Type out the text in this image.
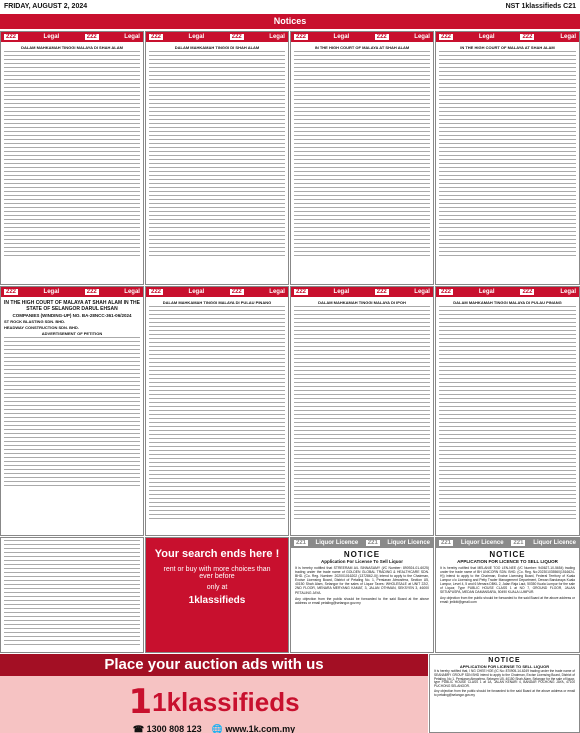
FRIDAY, AUGUST 2, 2024	NST 1klassifieds C21
Notices
222	Legal	222	Legal
DALAM MAHKAMAH TINGGI MALAYA DI SHAH ALAM
222	Legal	222	Legal
DALAM MAHKAMAH TINGGI DI SHAH ALAM
222	Legal	222	Legal
IN THE HIGH COURT OF MALAYA AT SHAH ALAM
222	Legal	222	Legal
IN THE HIGH COURT OF MALAYA AT SHAH ALAM
222	Legal	222	Legal
IN THE HIGH COURT OF MALAYA AT SHAH ALAM IN THE STATE OF SELANGOR DARUL EHSAN
COMPANIES (WINDING-UP) NO. BA-28NCC-361-06/2024
ST ROCK BLASTING SDN. BHD.
HEADWAY CONSTRUCTION SDN. BHD.
ADVERTISEMENT OF PETITION
222	Legal	222	Legal
DALAM MAHKAMAH TINGGI MALAYA DI PULAU PINANG
222	Legal	222	Legal
DALAM MAHKAMAH TINGGI MALAYA DI IPOH
222	Legal	222	Legal
DALAM MAHKAMAH TINGGI MALAYA DI PULAU PINANG
Your search ends here !
rent or buy with more choices than ever before
only at
1klassifieds
221	Liquor Licence	221	Liquor Licence
NOTICE
Application For License To Sell Liquor
It is hereby notified that STREERAM A/L SINNASAMY (I/C Number: 890924-01-6025) trading under the trade name of GOLDEN GLOBAL TRADING & HEALTHCARE SDN. BHD. (Co. Reg. Number: 202001016202 (1372862-X)) intend to apply to the Chairman, Excise Licensing Board, District of Petaling No. 1, Persiaran Atmosfera, Section U5, 40150 Shah Alam, Selangor for the sales of Liquor Taxes: WHOLESALE at UNIT 22/2, 2ND FLOOR, MENARA MERYANG KAMAT, 3, JALAN OTHMAN, SEKSYEN 3, 46000 PETALING JAYA.
Any objection from the public should be forwarded to the said Board at the above address or email petaling@selangor.gov.my
221	Liquor Licence	221	Liquor Licence
NOTICE
APPLICATION FOR LICENCE TO SELL LIQUOR
It is hereby notified that MELANIE TOO LEN-NEE (I/C Number: 940627-10-5654) trading under the trade name of BH UNICORN SDN. BHD. (Co. Reg. No:202301035560(1516624-H)) intend to apply to the Chairman, Excise Licensing Board, Federal Territory of Kuala Lumpur c/o Licensing and Petty Trader Management Department, Dewan Bandaraya Kuala Lumpur, Level 4, 5 and 6 Menara DBKL 2, Jalan Raja Laut, 50350 Kuala Lumpur for the sale of Liquor, Type PUBLIC HOUSE CLASS 1 at NO 7, GROUND FLOOR, JALAN SETIAPUSPA, MEDAN DAMANSARA, 50490 KUALA LUMPUR.
Any objection from the public should be forwarded to the said Board at the above address or email: jmlkfd@gmail.com
Place your auction ads with us
1 1klassifieds
☎ 1300 808 123 🌐 www.1k.com.my
NOTICE
APPLICATION FOR LICENSE TO SELL LIQUOR
It is hereby notified that, I NG CHEE HOE (IC No: 870905-14-6249 trading under the trade name of SEANABRY GROUP SDN BHD intend to apply to the Chairman, Excise Licensing Board, District of Petaling, No 1, Persiaran Atmosfera, Seksyen U5, 40150 Shah Alam, Selangor for the sale of liquor, type PUBLIC HOUSE CLASS 1 at 1A, JALAN KENARI 4, BANDAR PUCHONG JAYA, 47100 PUCHONG SELANGOR.
Any objection from the public should be forwarded to the said Board at the above address or email to petaling@selangor.gov.my
